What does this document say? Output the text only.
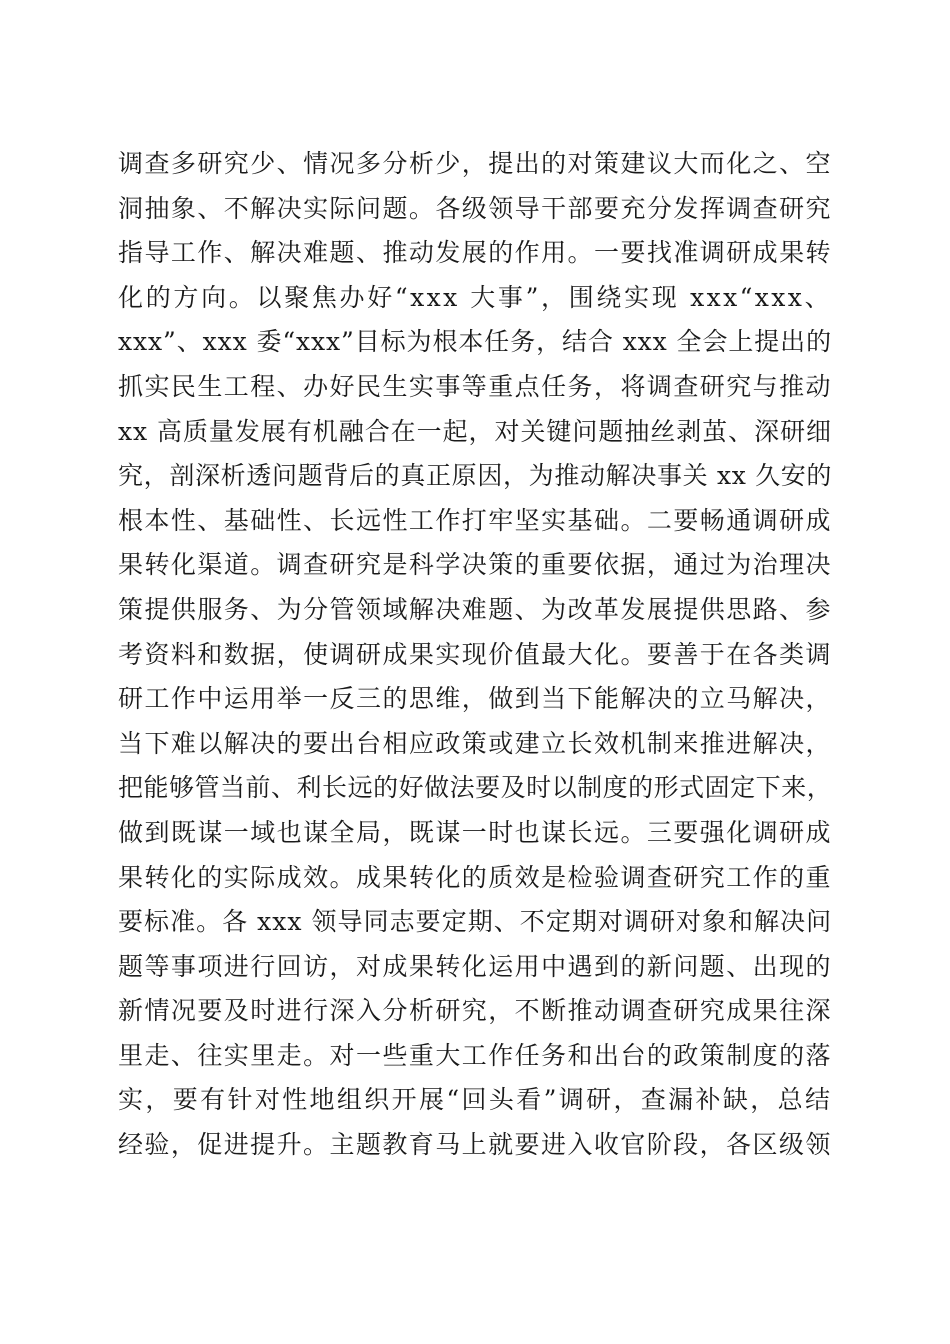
调查多研究少、情况多分析少，提出的对策建议大而化之、空
洞抽象、不解决实际问题。各级领导干部要充分发挥调查研究
指导工作、解决难题、推动发展的作用。一要找准调研成果转
化的方向。以聚焦办好“xxx 大事”，围绕实现 xxx“xxx、
xxx”、xxx 委“xxx”目标为根本任务，结合 xxx 全会上提出的
抓实民生工程、办好民生实事等重点任务，将调查研究与推动
xx 高质量发展有机融合在一起，对关键问题抽丝剥茧、深研细
究，剖深析透问题背后的真正原因，为推动解决事关 xx 久安的
根本性、基础性、长远性工作打牢坚实基础。二要畅通调研成
果转化渠道。调查研究是科学决策的重要依据，通过为治理决
策提供服务、为分管领域解决难题、为改革发展提供思路、参
考资料和数据，使调研成果实现价值最大化。要善于在各类调
研工作中运用举一反三的思维，做到当下能解决的立马解决，
当下难以解决的要出台相应政策或建立长效机制来推进解决，
把能够管当前、利长远的好做法要及时以制度的形式固定下来，
做到既谋一域也谋全局，既谋一时也谋长远。三要强化调研成
果转化的实际成效。成果转化的质效是检验调查研究工作的重
要标准。各 xxx 领导同志要定期、不定期对调研对象和解决问
题等事项进行回访，对成果转化运用中遇到的新问题、出现的
新情况要及时进行深入分析研究，不断推动调查研究成果往深
里走、往实里走。对一些重大工作任务和出台的政策制度的落
实，要有针对性地组织开展“回头看”调研，查漏补缺，总结
经验，促进提升。主题教育马上就要进入收官阶段，各区级领
